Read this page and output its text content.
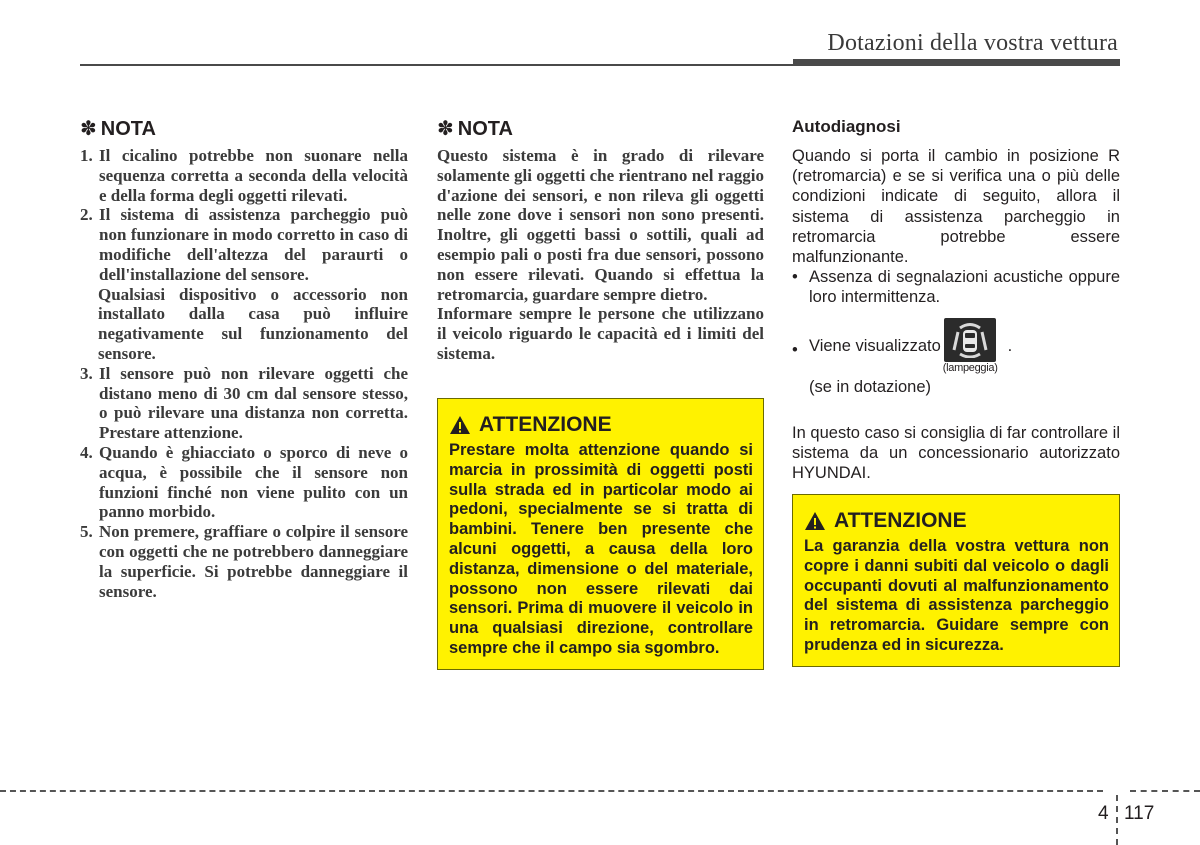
Dotazioni della vostra vettura
✽ NOTA
1. Il cicalino potrebbe non suonare nella sequenza corretta a seconda della velocità e della forma degli oggetti rilevati.
2. Il sistema di assistenza parcheggio può non funzionare in modo corretto in caso di modifiche dell'altezza del paraurti o dell'installazione del sensore.

Qualsiasi dispositivo o accessorio non installato dalla casa può influire negativamente sul funzionamento del sensore.

3. Il sensore può non rilevare oggetti che distano meno di 30 cm dal sensore stesso, o può rilevare una distanza non corretta. Prestare attenzione.
4. Quando è ghiacciato o sporco di neve o acqua, è possibile che il sensore non funzioni finché non viene pulito con un panno morbido.
5. Non premere, graffiare o colpire il sensore con oggetti che ne potrebbero danneggiare la superficie. Si potrebbe danneggiare il sensore.
✽ NOTA

Questo sistema è in grado di rilevare solamente gli oggetti che rientrano nel raggio d'azione dei sensori, e non rileva gli oggetti nelle zone dove i sensori non sono presenti. Inoltre, gli oggetti bassi o sottili, quali ad esempio pali o posti fra due sensori, possono non essere rilevati. Quando si effettua la retromarcia, guardare sempre dietro.

Informare sempre le persone che utilizzano il veicolo riguardo le capacità ed i limiti del sistema.

ATTENZIONE

Prestare molta attenzione quando si marcia in prossimità di oggetti posti sulla strada ed in particolar modo ai pedoni, specialmente se si tratta di bambini. Tenere ben presente che alcuni oggetti, a causa della loro distanza, dimensione o del materiale, possono non essere rilevati dai sensori. Prima di muovere il veicolo in una qualsiasi direzione, controllare sempre che il campo sia sgombro.

Autodiagnosi

Quando si porta il cambio in posizione R (retromarcia) e se si verifica una o più delle condizioni indicate di seguito, allora il sistema di assistenza parcheggio in retromarcia potrebbe essere malfunzionante.

• Assenza di segnalazioni acustiche oppure loro intermittenza.
• Viene visualizzato
(lampeggia)
.
(se in dotazione)

In questo caso si consiglia di far controllare il sistema da un concessionario autorizzato HYUNDAI.

ATTENZIONE

La garanzia della vostra vettura non copre i danni subiti dal veicolo o dagli occupanti dovuti al malfunzionamento del sistema di assistenza parcheggio in retromarcia. Guidare sempre con prudenza ed in sicurezza.

4 117
